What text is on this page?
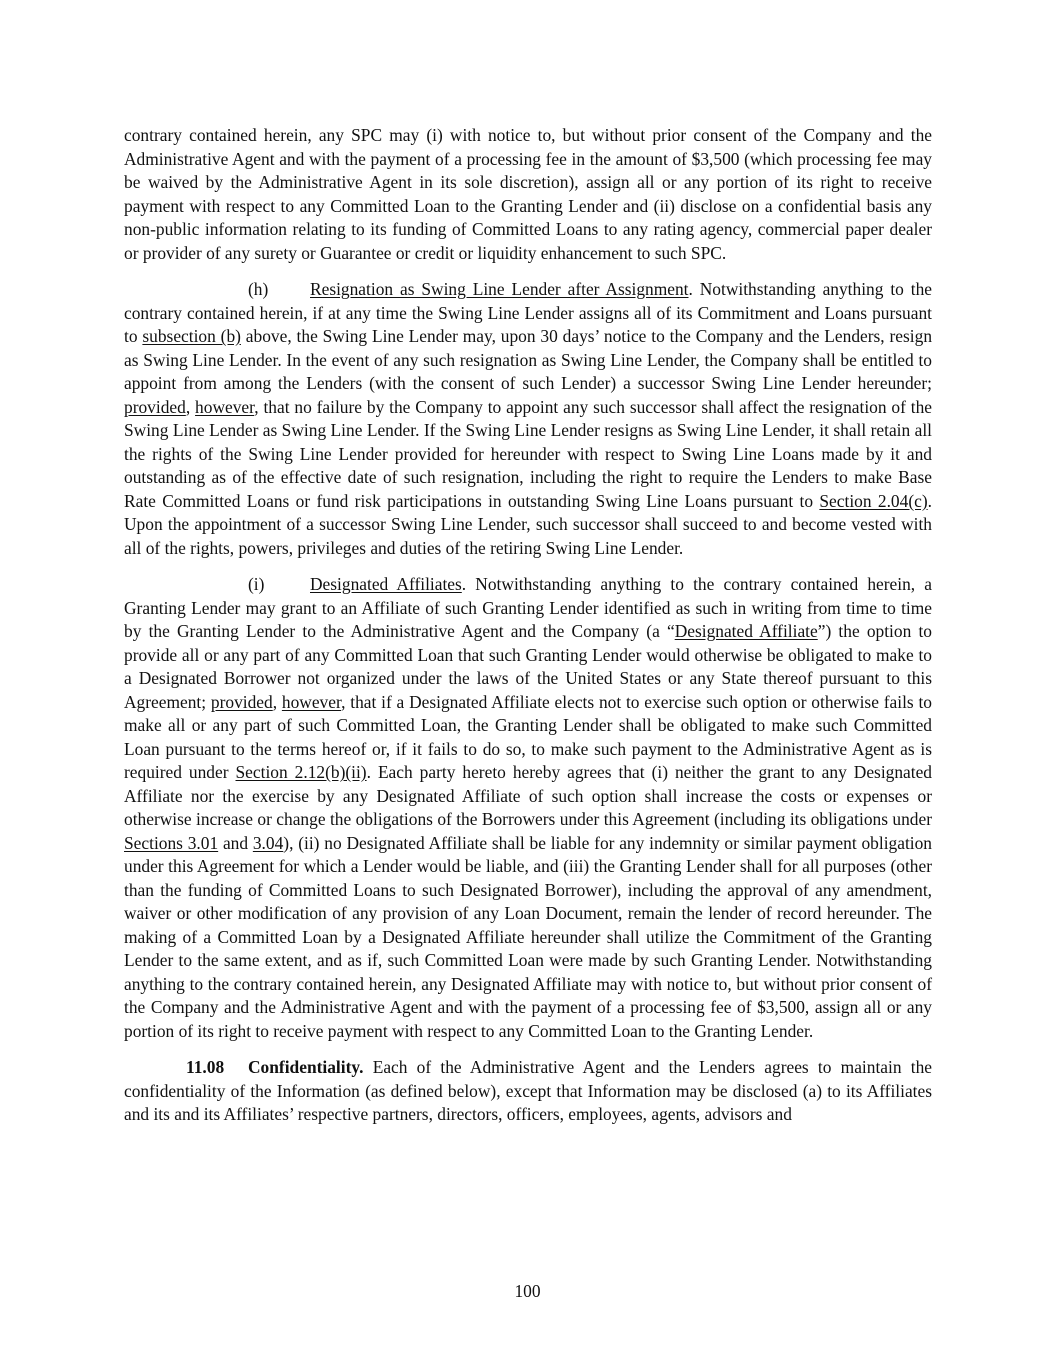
contrary contained herein, any SPC may (i) with notice to, but without prior consent of the Company and the Administrative Agent and with the payment of a processing fee in the amount of $3,500 (which processing fee may be waived by the Administrative Agent in its sole discretion), assign all or any portion of its right to receive payment with respect to any Committed Loan to the Granting Lender and (ii) disclose on a confidential basis any non-public information relating to its funding of Committed Loans to any rating agency, commercial paper dealer or provider of any surety or Guarantee or credit or liquidity enhancement to such SPC.

(h) Resignation as Swing Line Lender after Assignment. Notwithstanding anything to the contrary contained herein, if at any time the Swing Line Lender assigns all of its Commitment and Loans pursuant to subsection (b) above, the Swing Line Lender may, upon 30 days’ notice to the Company and the Lenders, resign as Swing Line Lender. In the event of any such resignation as Swing Line Lender, the Company shall be entitled to appoint from among the Lenders (with the consent of such Lender) a successor Swing Line Lender hereunder; provided, however, that no failure by the Company to appoint any such successor shall affect the resignation of the Swing Line Lender as Swing Line Lender. If the Swing Line Lender resigns as Swing Line Lender, it shall retain all the rights of the Swing Line Lender provided for hereunder with respect to Swing Line Loans made by it and outstanding as of the effective date of such resignation, including the right to require the Lenders to make Base Rate Committed Loans or fund risk participations in outstanding Swing Line Loans pursuant to Section 2.04(c). Upon the appointment of a successor Swing Line Lender, such successor shall succeed to and become vested with all of the rights, powers, privileges and duties of the retiring Swing Line Lender.

(i)	Designated Affiliates. Notwithstanding anything to the contrary contained herein, a Granting Lender may grant to an Affiliate of such Granting Lender identified as such in writing from time to time by the Granting Lender to the Administrative Agent and the Company (a “Designated Affiliate”) the option to provide all or any part of any Committed Loan that such Granting Lender would otherwise be obligated to make to a Designated Borrower not organized under the laws of the United States or any State thereof pursuant to this Agreement; provided, however, that if a Designated Affiliate elects not to exercise such option or otherwise fails to make all or any part of such Committed Loan, the Granting Lender shall be obligated to make such Committed Loan pursuant to the terms hereof or, if it fails to do so, to make such payment to the Administrative Agent as is required under Section 2.12(b)(ii). Each party hereto hereby agrees that (i) neither the grant to any Designated Affiliate nor the exercise by any Designated Affiliate of such option shall increase the costs or expenses or otherwise increase or change the obligations of the Borrowers under this Agreement (including its obligations under Sections 3.01 and 3.04), (ii) no Designated Affiliate shall be liable for any indemnity or similar payment obligation under this Agreement for which a Lender would be liable, and (iii) the Granting Lender shall for all purposes (other than the funding of Committed Loans to such Designated Borrower), including the approval of any amendment, waiver or other modification of any provision of any Loan Document, remain the lender of record hereunder. The making of a Committed Loan by a Designated Affiliate hereunder shall utilize the Commitment of the Granting Lender to the same extent, and as if, such Committed Loan were made by such Granting Lender. Notwithstanding anything to the contrary contained herein, any Designated Affiliate may with notice to, but without prior consent of the Company and the Administrative Agent and with the payment of a processing fee of $3,500, assign all or any portion of its right to receive payment with respect to any Committed Loan to the Granting Lender.

11.08 Confidentiality. Each of the Administrative Agent and the Lenders agrees to maintain the confidentiality of the Information (as defined below), except that Information may be disclosed (a) to its Affiliates and its and its Affiliates’ respective partners, directors, officers, employees, agents, advisors and

100
